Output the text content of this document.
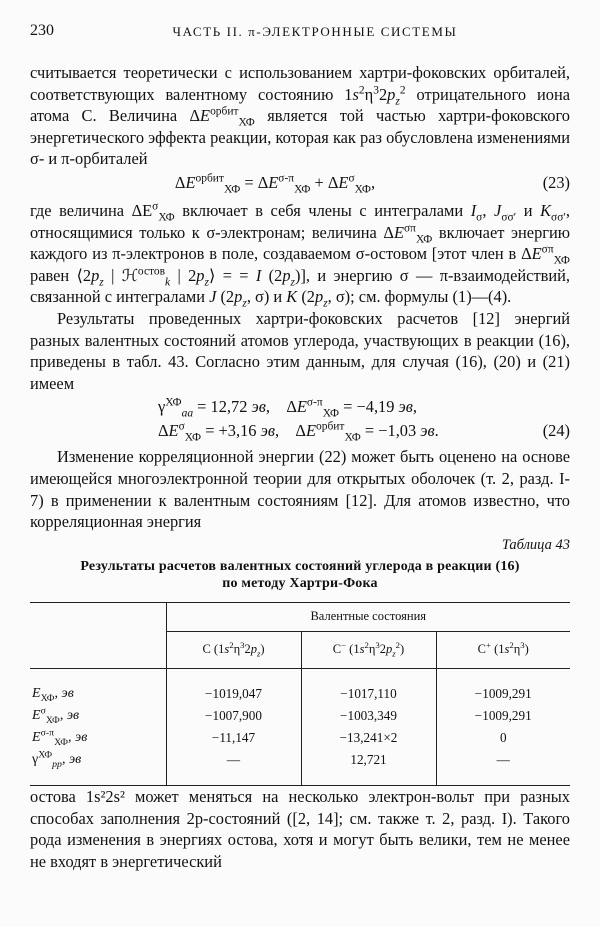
230	ЧАСТЬ II. π-ЭЛЕКТРОННЫЕ СИСТЕМЫ

считывается теоретически с использованием хартри-фоковских орбиталей, соответствующих валентному состоянию $1s^2\eta^32p_z^2$ отрицательного иона атома С. Величина $\Delta E^{орбит}_{ХФ}$ является той частью хартри-фоковского энергетического эффекта реакции, которая как раз обусловлена изменениями σ- и π-орбиталей

$\Delta E^{орбит}_{ХФ} = \Delta E^{\sigma-\pi}_{ХФ} + \Delta E^\sigma_{ХФ}$,	(23)

где величина $\Delta E^\sigma_{ХФ}$ включает в себя члены с интегралами $I_\sigma$, $J_{\sigma\sigma'}$ и $K_{\sigma\sigma'}$, относящимися только к σ-электронам; величина $\Delta E^{\sigma\pi}_{ХФ}$ включает энергию каждого из π-электронов в поле, создаваемом σ-остовом [этот член в $\Delta E^{\sigma\pi}_{ХФ}$ равен $⟨2p_z$ | ℋ$^{остов}_k$ | $2p_z⟩$ = = I $(2p_z)$], и энергию σ — π-взаимодействий, связанной с интегралами J ($2p_z$, σ) и K ($2p_z$, σ); см. формулы (1)—(4).

Результаты проведенных хартри-фоковских расчетов [12] энергий разных валентных состояний атомов углерода, участвующих в реакции (16), приведены в табл. 43. Согласно этим данным, для случая (16), (20) и (21) имеем

$\gamma^{ХФ}_{aa} = 12,72$ эв,    $\Delta E^{\sigma-\pi}_{ХФ} = -4,19$ эв,
$\Delta E^\sigma_{ХФ} = +3,16$ эв,    $\Delta E^{орбит}_{ХФ} = -1,03$ эв.	(24)

Изменение корреляционной энергии (22) может быть оценено на основе имеющейся многоэлектронной теории для открытых оболочек (т. 2, разд. I-7) в применении к валентным состояниям [12]. Для атомов известно, что корреляционная энергия

Таблица 43
Результаты расчетов валентных состояний углерода в реакции (16)
по методу Хартри-Фока
	Валентные состояния		
	C $(1s^2\eta^32p_z)$	C− $(1s^2\eta^32p_z^2)$	C+ $(1s^2\eta^3)$
$E_{ХФ}$, эв	−1019,047	−1017,110	−1009,291
$E^\sigma_{ХФ}$, эв	−1007,900	−1003,349	−1009,291
$E^{\sigma-\pi}_{ХФ}$, эв	−11,147	−13,241×2	0
$\gamma^{ХФ}_{pp}$, эв	—	12,721	—

остова 1s²2s² может меняться на несколько электрон-вольт при разных способах заполнения 2p-состояний ([2, 14]; см. также т. 2, разд. I). Такого рода изменения в энергиях остова, хотя и могут быть велики, тем не менее не входят в энергетический
